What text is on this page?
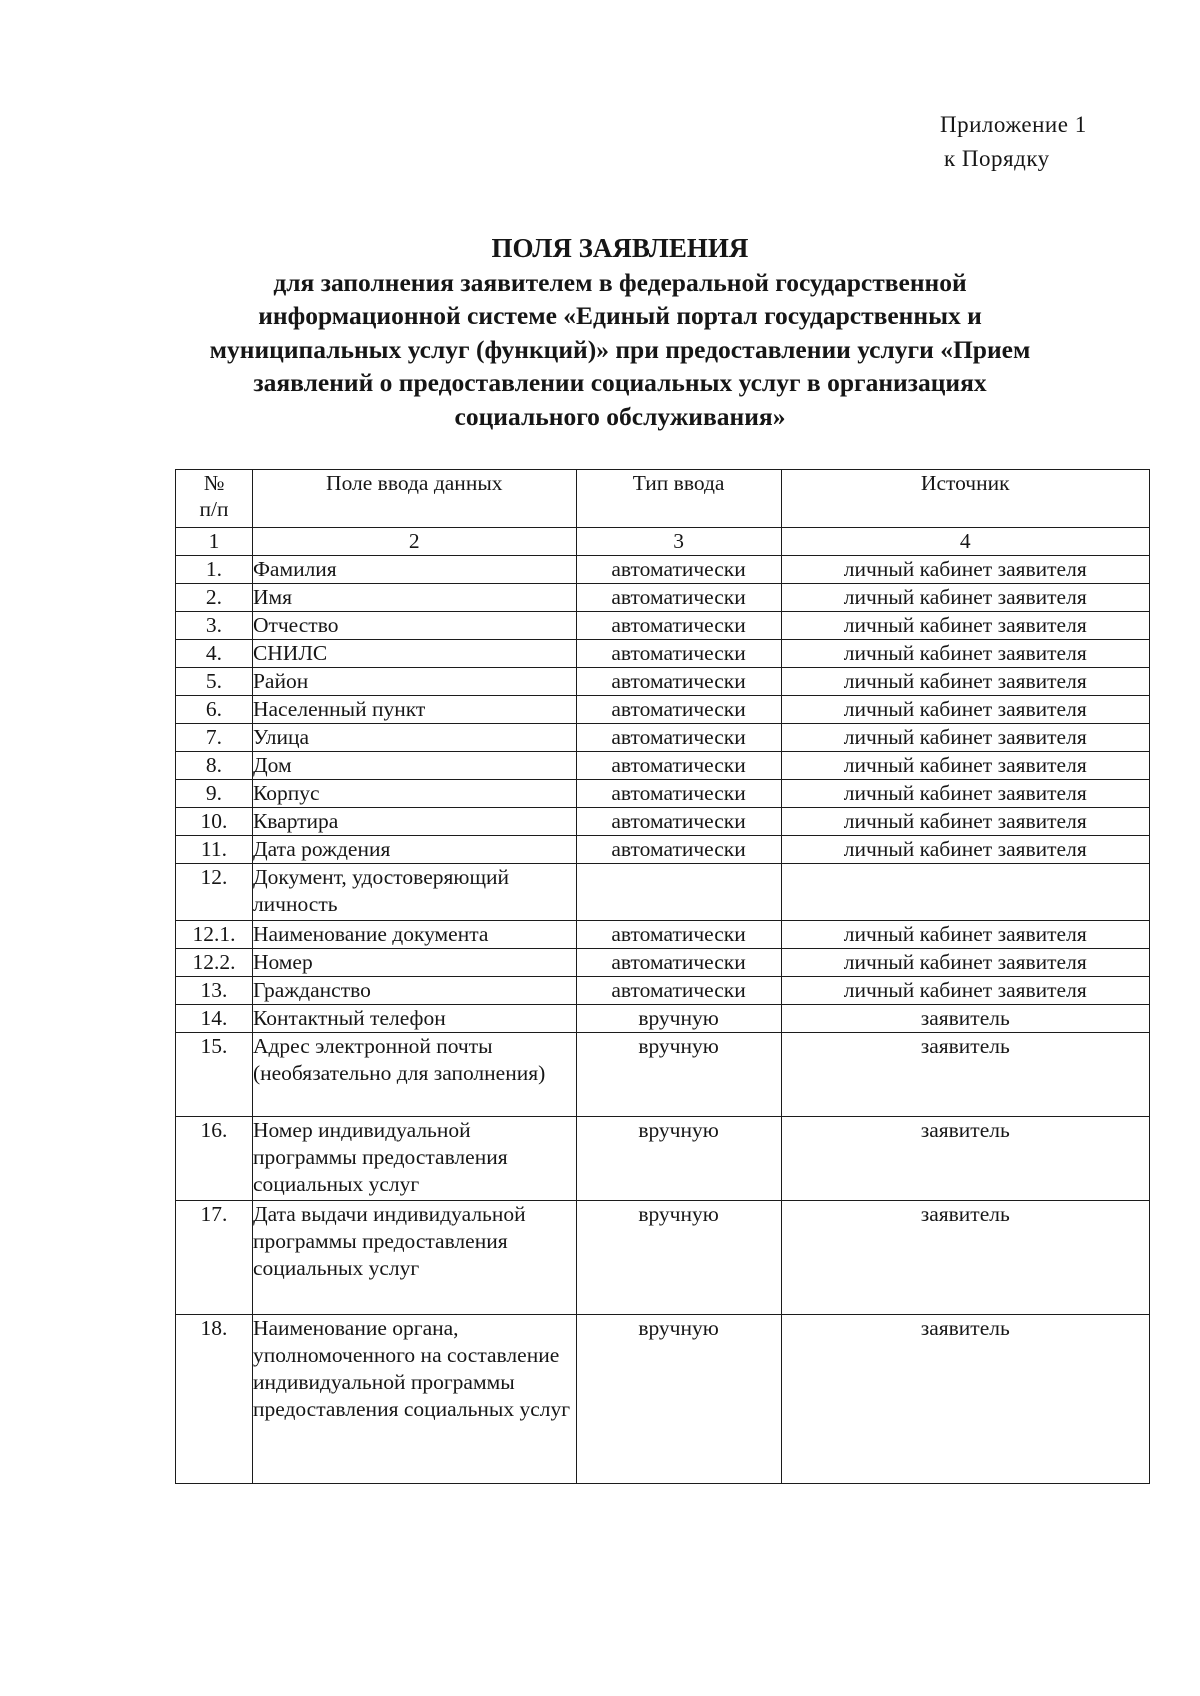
Приложение 1
к Порядку
ПОЛЯ ЗАЯВЛЕНИЯ
для заполнения заявителем в федеральной государственной
информационной системе «Единый портал государственных и
муниципальных услуг (функций)» при предоставлении услуги «Прием
заявлений о предоставлении социальных услуг в организациях
социального обслуживания»
№
п/п	Поле ввода данных	Тип ввода	Источник
1	2	3	4
1.	Фамилия	автоматически	личный кабинет заявителя
2.	Имя	автоматически	личный кабинет заявителя
3.	Отчество	автоматически	личный кабинет заявителя
4.	СНИЛС	автоматически	личный кабинет заявителя
5.	Район	автоматически	личный кабинет заявителя
6.	Населенный пункт	автоматически	личный кабинет заявителя
7.	Улица	автоматически	личный кабинет заявителя
8.	Дом	автоматически	личный кабинет заявителя
9.	Корпус	автоматически	личный кабинет заявителя
10.	Квартира	автоматически	личный кабинет заявителя
11.	Дата рождения	автоматически	личный кабинет заявителя
12.	Документ, удостоверяющий личность		
12.1.	Наименование документа	автоматически	личный кабинет заявителя
12.2.	Номер	автоматически	личный кабинет заявителя
13.	Гражданство	автоматически	личный кабинет заявителя
14.	Контактный телефон	вручную	заявитель
15.	Адрес электронной почты (необязательно для заполнения)	вручную	заявитель
16.	Номер индивидуальной программы предоставления социальных услуг	вручную	заявитель
17.	Дата выдачи индивидуальной программы предоставления социальных услуг	вручную	заявитель
18.	Наименование органа, уполномоченного на составление индивидуальной программы предоставления социальных услуг	вручную	заявитель
